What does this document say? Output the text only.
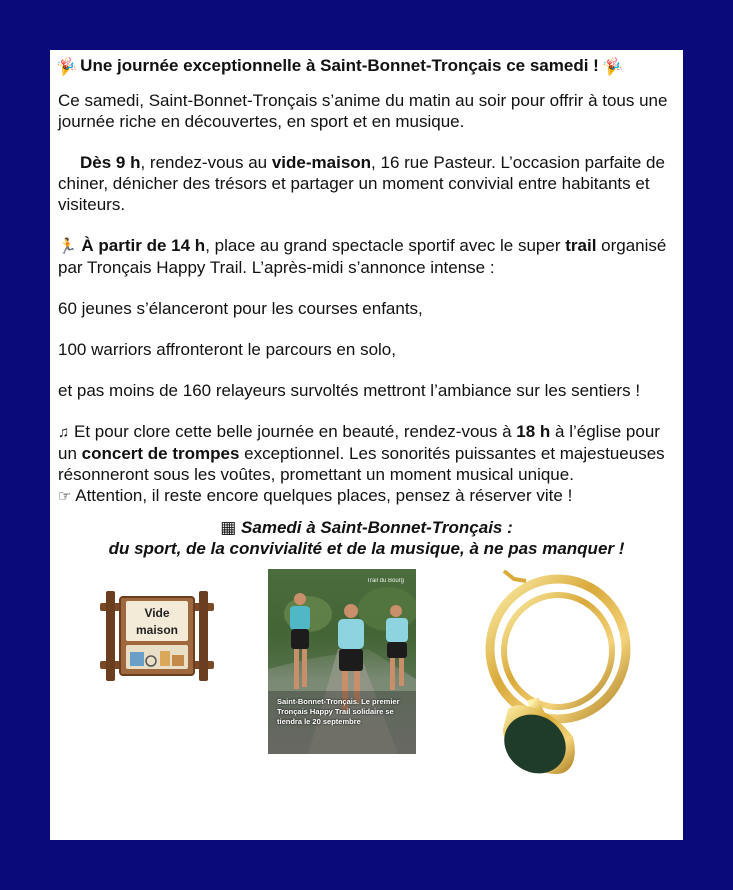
🎉 Une journée exceptionnelle à Saint-Bonnet-Tronçais ce samedi ! 🎉

Ce samedi, Saint-Bonnet-Tronçais s’anime du matin au soir pour offrir à tous une journée riche en découvertes, en sport et en musique.

Dès 9 h, rendez-vous au vide-maison, 16 rue Pasteur. L’occasion parfaite de chiner, dénicher des trésors et partager un moment convivial entre habitants et visiteurs.

🏃 À partir de 14 h, place au grand spectacle sportif avec le super trail organisé par Tronçais Happy Trail. L’après-midi s’annonce intense :

60 jeunes s’élanceront pour les courses enfants,

100 warriors affronteront le parcours en solo,

et pas moins de 160 relayeurs survoltés mettront l’ambiance sur les sentiers !

♫ Et pour clore cette belle journée en beauté, rendez-vous à 18 h à l’église pour un concert de trompes exceptionnel. Les sonorités puissantes et majestueuses résonneront sous les voûtes, promettant un moment musical unique.

☞ Attention, il reste encore quelques places, pensez à réserver vite !

▦ Samedi à Saint-Bonnet-Tronçais :
du sport, de la convivialité et de la musique, à ne pas manquer !
Vide
maison
Trail du Bourg
Saint-Bonnet-Tronçais. Le premier Tronçais Happy Trail solidaire se tiendra le 20 septembre
